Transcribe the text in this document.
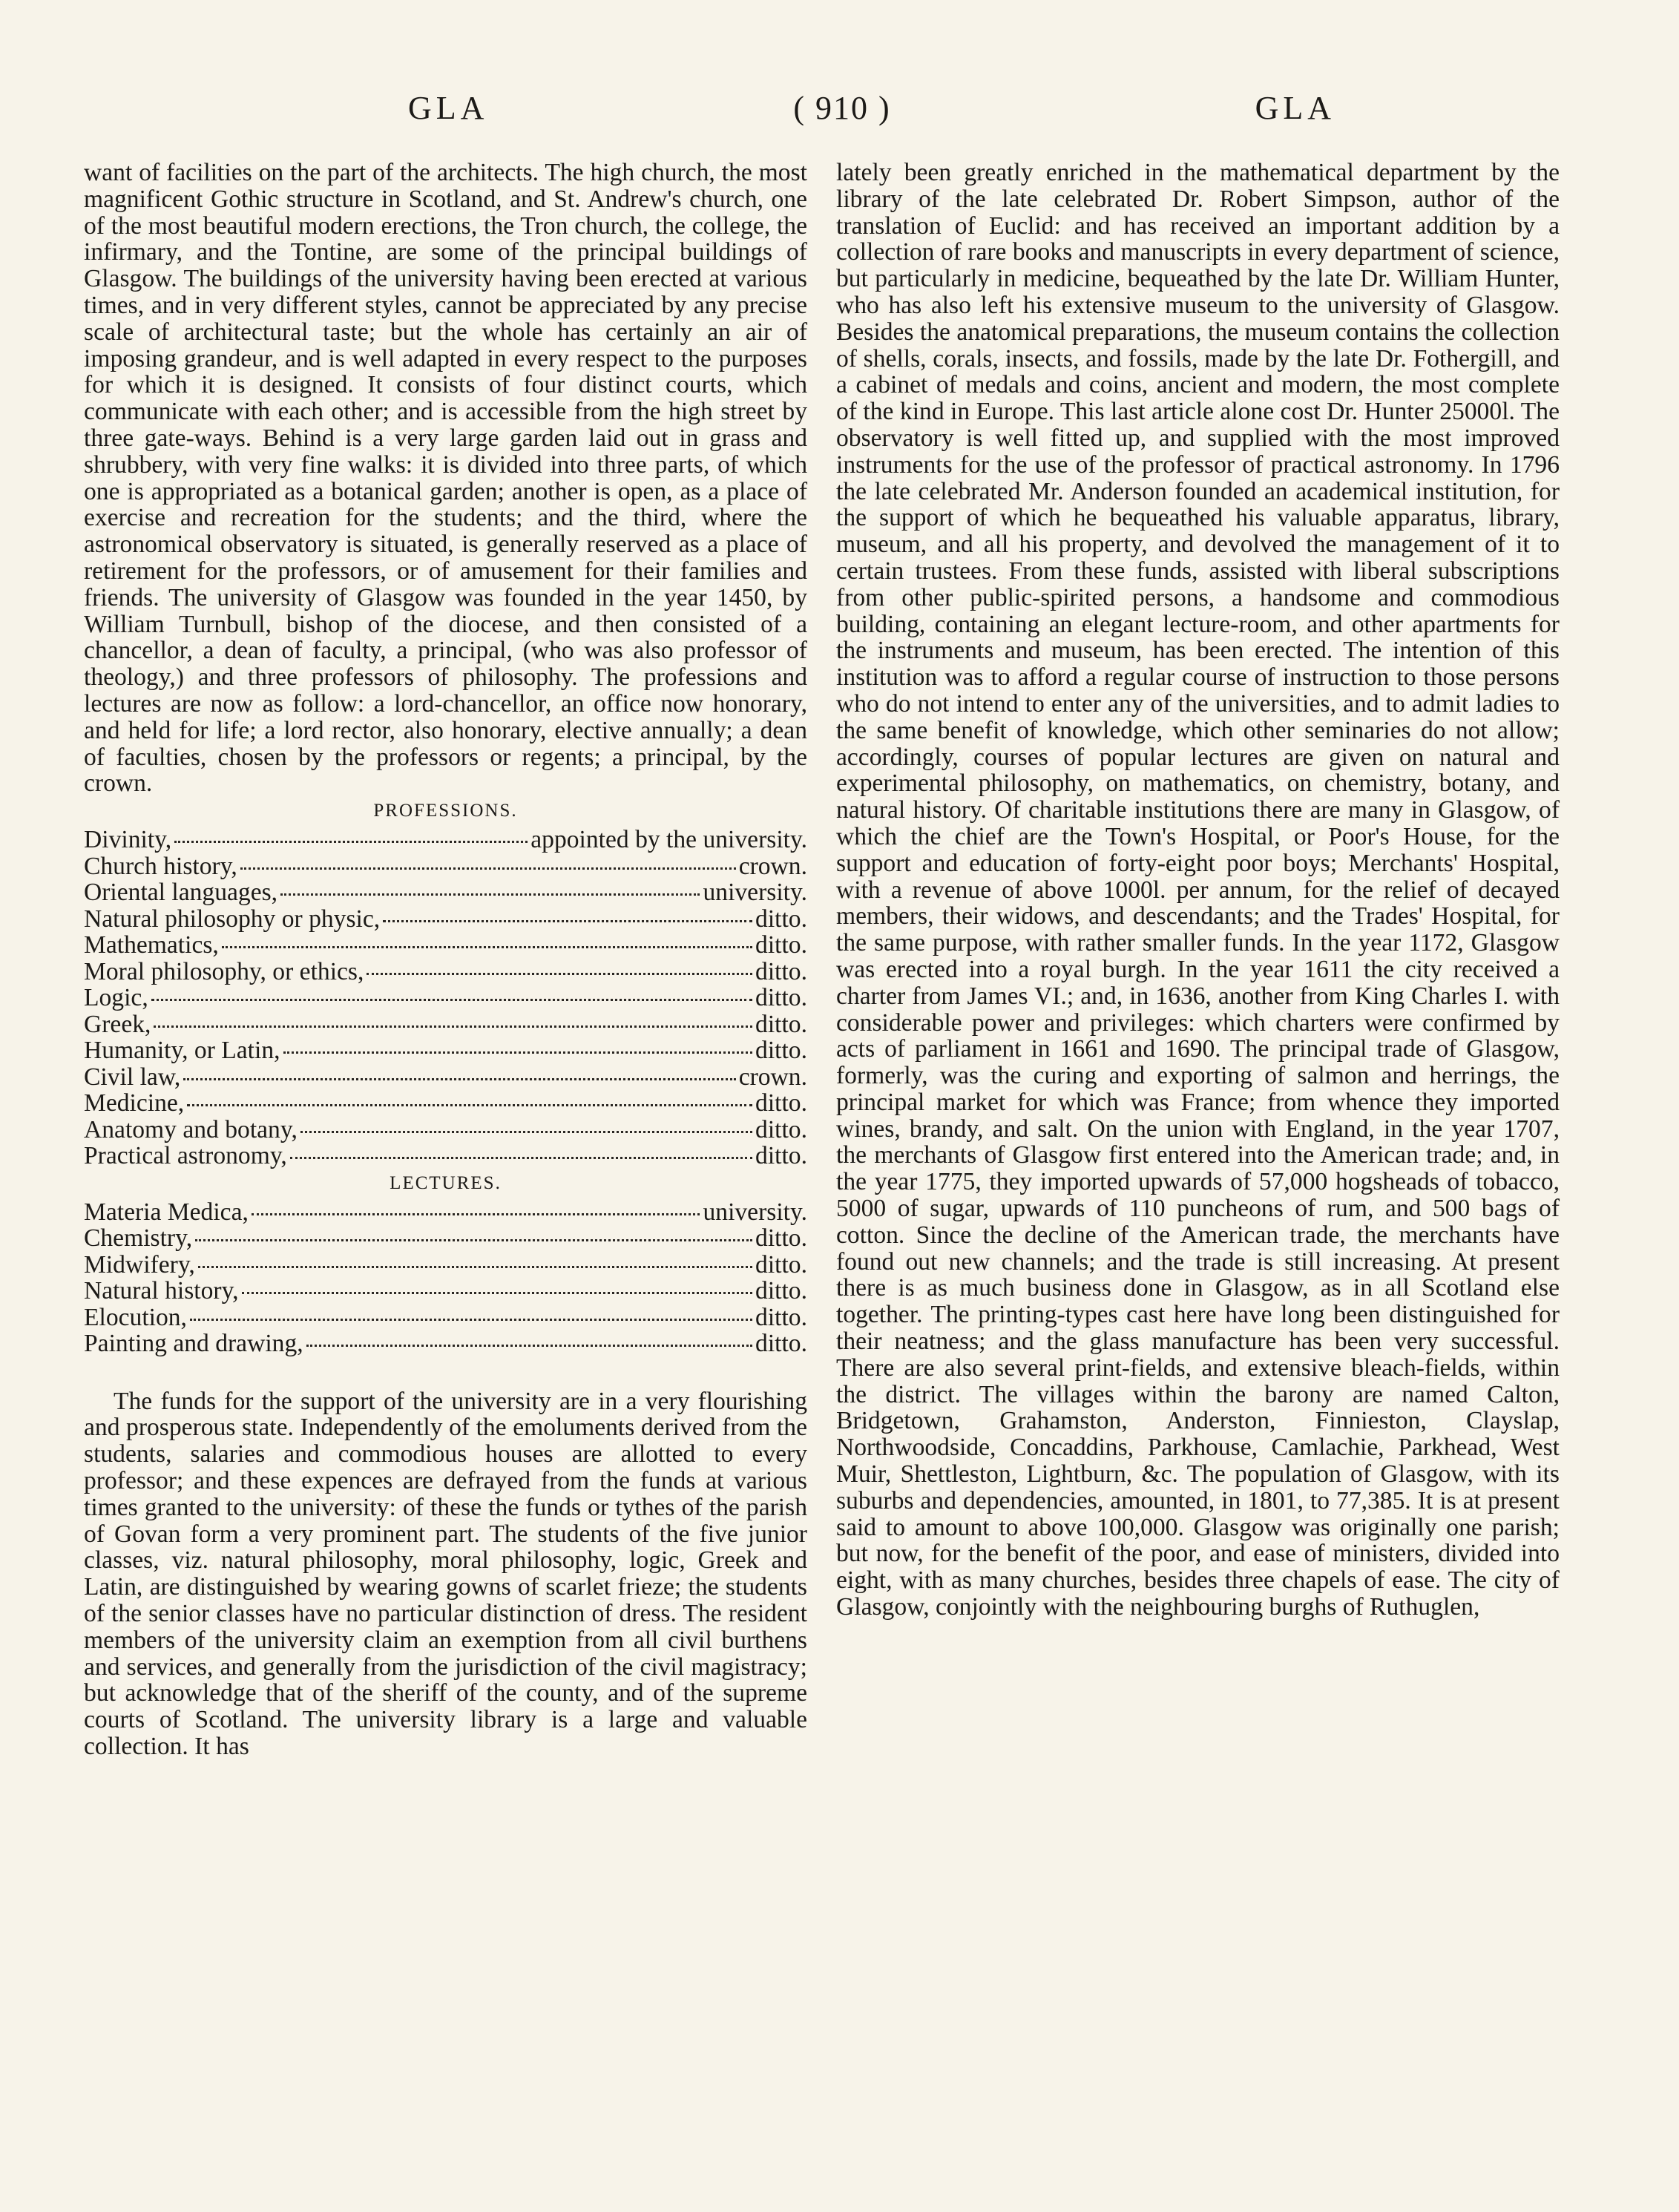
GLA	( 910 )	GLA

want of facilities on the part of the architects. The high church, the most magnificent Gothic structure in Scotland, and St. Andrew's church, one of the most beautiful modern erections, the Tron church, the college, the infirmary, and the Tontine, are some of the principal buildings of Glasgow. The buildings of the university having been erected at various times, and in very different styles, cannot be appreciated by any precise scale of architectural taste; but the whole has certainly an air of imposing grandeur, and is well adapted in every respect to the purposes for which it is designed. It consists of four distinct courts, which communicate with each other; and is accessible from the high street by three gate-ways. Behind is a very large garden laid out in grass and shrubbery, with very fine walks: it is divided into three parts, of which one is appropriated as a botanical garden; another is open, as a place of exercise and recreation for the students; and the third, where the astronomical observatory is situated, is generally reserved as a place of retirement for the professors, or of amusement for their families and friends. The university of Glasgow was founded in the year 1450, by William Turnbull, bishop of the diocese, and then consisted of a chancellor, a dean of faculty, a principal, (who was also professor of theology,) and three professors of philosophy. The professions and lectures are now as follow: a lord-chancellor, an office now honorary, and held for life; a lord rector, also honorary, elective annually; a dean of faculties, chosen by the professors or regents; a principal, by the crown.

PROFESSIONS.
Divinity,	appointed by the university.
Church history,	crown.
Oriental languages,	university.
Natural philosophy or physic,	ditto.
Mathematics,	ditto.
Moral philosophy, or ethics,	ditto.
Logic,	ditto.
Greek,	ditto.
Humanity, or Latin,	ditto.
Civil law,	crown.
Medicine,	ditto.
Anatomy and botany,	ditto.
Practical astronomy,	ditto.
LECTURES.
Materia Medica,	university.
Chemistry,	ditto.
Midwifery,	ditto.
Natural history,	ditto.
Elocution,	ditto.
Painting and drawing,	ditto.

The funds for the support of the university are in a very flourishing and prosperous state. Independently of the emoluments derived from the students, salaries and commodious houses are allotted to every professor; and these expences are defrayed from the funds at various times granted to the university: of these the funds or tythes of the parish of Govan form a very prominent part. The students of the five junior classes, viz. natural philosophy, moral philosophy, logic, Greek and Latin, are distinguished by wearing gowns of scarlet frieze; the students of the senior classes have no particular distinction of dress. The resident members of the university claim an exemption from all civil burthens and services, and generally from the jurisdiction of the civil magistracy; but acknowledge that of the sheriff of the county, and of the supreme courts of Scotland. The university library is a large and valuable collection. It has

lately been greatly enriched in the mathematical department by the library of the late celebrated Dr. Robert Simpson, author of the translation of Euclid: and has received an important addition by a collection of rare books and manuscripts in every department of science, but particularly in medicine, bequeathed by the late Dr. William Hunter, who has also left his extensive museum to the university of Glasgow. Besides the anatomical preparations, the museum contains the collection of shells, corals, insects, and fossils, made by the late Dr. Fothergill, and a cabinet of medals and coins, ancient and modern, the most complete of the kind in Europe. This last article alone cost Dr. Hunter 25000l. The observatory is well fitted up, and supplied with the most improved instruments for the use of the professor of practical astronomy. In 1796 the late celebrated Mr. Anderson founded an academical institution, for the support of which he bequeathed his valuable apparatus, library, museum, and all his property, and devolved the management of it to certain trustees. From these funds, assisted with liberal subscriptions from other public-spirited persons, a handsome and commodious building, containing an elegant lecture-room, and other apartments for the instruments and museum, has been erected. The intention of this institution was to afford a regular course of instruction to those persons who do not intend to enter any of the universities, and to admit ladies to the same benefit of knowledge, which other seminaries do not allow; accordingly, courses of popular lectures are given on natural and experimental philosophy, on mathematics, on chemistry, botany, and natural history. Of charitable institutions there are many in Glasgow, of which the chief are the Town's Hospital, or Poor's House, for the support and education of forty-eight poor boys; Merchants' Hospital, with a revenue of above 1000l. per annum, for the relief of decayed members, their widows, and descendants; and the Trades' Hospital, for the same purpose, with rather smaller funds. In the year 1172, Glasgow was erected into a royal burgh. In the year 1611 the city received a charter from James VI.; and, in 1636, another from King Charles I. with considerable power and privileges: which charters were confirmed by acts of parliament in 1661 and 1690. The principal trade of Glasgow, formerly, was the curing and exporting of salmon and herrings, the principal market for which was France; from whence they imported wines, brandy, and salt. On the union with England, in the year 1707, the merchants of Glasgow first entered into the American trade; and, in the year 1775, they imported upwards of 57,000 hogsheads of tobacco, 5000 of sugar, upwards of 110 puncheons of rum, and 500 bags of cotton. Since the decline of the American trade, the merchants have found out new channels; and the trade is still increasing. At present there is as much business done in Glasgow, as in all Scotland else together. The printing-types cast here have long been distinguished for their neatness; and the glass manufacture has been very successful. There are also several print-fields, and extensive bleach-fields, within the district. The villages within the barony are named Calton, Bridgetown, Grahamston, Anderston, Finnieston, Clayslap, Northwoodside, Concaddins, Parkhouse, Camlachie, Parkhead, West Muir, Shettleston, Lightburn, &c. The population of Glasgow, with its suburbs and dependencies, amounted, in 1801, to 77,385. It is at present said to amount to above 100,000. Glasgow was originally one parish; but now, for the benefit of the poor, and ease of ministers, divided into eight, with as many churches, besides three chapels of ease. The city of Glasgow, conjointly with the neighbouring burghs of Ruthuglen,
